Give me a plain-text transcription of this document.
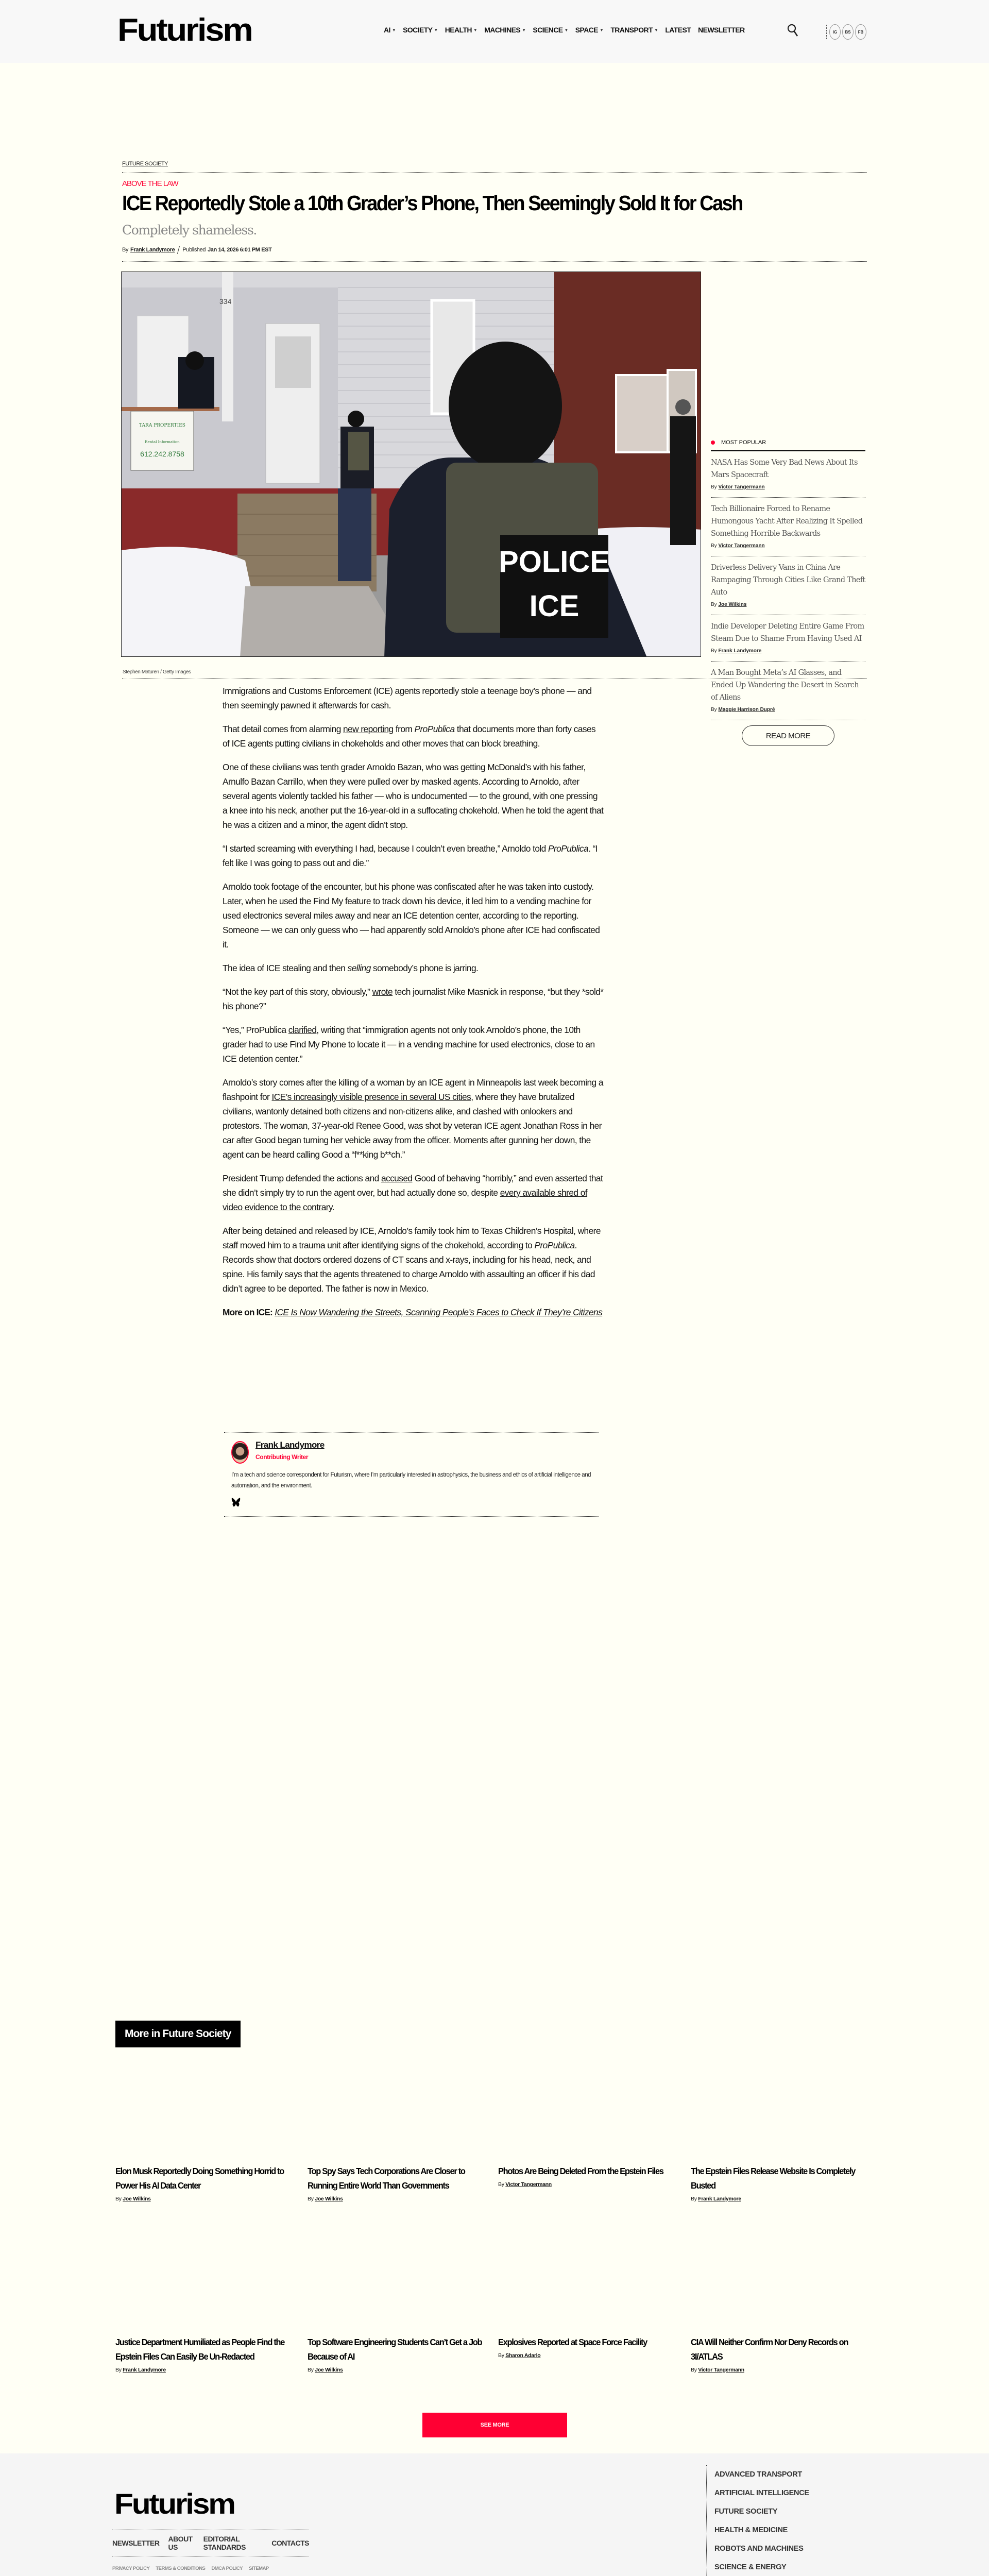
Futurism	AI ▼ SOCIETY ▼ HEALTH ▼ MACHINES ▼ SCIENCE ▼ SPACE ▼ TRANSPORT ▼ LATEST NEWSLETTER	IG	BS	FB
FUTURE SOCIETY
ABOVE THE LAW
ICE Reportedly Stole a 10th Grader’s Phone, Then Seemingly Sold It for Cash
Completely shameless.
By Frank Landymore Published Jan 14, 2026 6:01 PM EST
POLICE
ICE
TARA PROPERTIES
Rental Information
612.242.8758
334
Stephen Maturen / Getty Images

Immigrations and Customs Enforcement (ICE) agents reportedly stole a teenage boy’s phone — and then seemingly pawned it afterwards for cash.

That detail comes from alarming new reporting from ProPublica that documents more than forty cases of ICE agents putting civilians in chokeholds and other moves that can block breathing.

One of these civilians was tenth grader Arnoldo Bazan, who was getting McDonald’s with his father, Arnulfo Bazan Carrillo, when they were pulled over by masked agents. According to Arnoldo, after several agents violently tackled his father — who is undocumented — to the ground, with one pressing a knee into his neck, another put the 16-year-old in a suffocating chokehold. When he told the agent that he was a citizen and a minor, the agent didn’t stop.

“I started screaming with everything I had, because I couldn’t even breathe,” Arnoldo told ProPublica. “I felt like I was going to pass out and die.”

Arnoldo took footage of the encounter, but his phone was confiscated after he was taken into custody. Later, when he used the Find My feature to track down his device, it led him to a vending machine for used electronics several miles away and near an ICE detention center, according to the reporting. Someone — we can only guess who — had apparently sold Arnoldo’s phone after ICE had confiscated it.

The idea of ICE stealing and then selling somebody’s phone is jarring.

“Not the key part of this story, obviously,” wrote tech journalist Mike Masnick in response, “but they *sold* his phone?”

“Yes,” ProPublica clarified, writing that “immigration agents not only took Arnoldo’s phone, the 10th grader had to use Find My Phone to locate it — in a vending machine for used electronics, close to an ICE detention center.”

Arnoldo’s story comes after the killing of a woman by an ICE agent in Minneapolis last week becoming a flashpoint for ICE’s increasingly visible presence in several US cities, where they have brutalized civilians, wantonly detained both citizens and non-citizens alike, and clashed with onlookers and protestors. The woman, 37-year-old Renee Good, was shot by veteran ICE agent Jonathan Ross in her car after Good began turning her vehicle away from the officer. Moments after gunning her down, the agent can be heard calling Good a “f**king b**ch.”

President Trump defended the actions and accused Good of behaving “horribly,” and even asserted that she didn’t simply try to run the agent over, but had actually done so, despite every available shred of video evidence to the contrary.

After being detained and released by ICE, Arnoldo’s family took him to Texas Children’s Hospital, where staff moved him to a trauma unit after identifying signs of the chokehold, according to ProPublica. Records show that doctors ordered dozens of CT scans and x-rays, including for his head, neck, and spine. His family says that the agents threatened to charge Arnoldo with assaulting an officer if his dad didn’t agree to be deported. The father is now in Mexico.

More on ICE: ICE Is Now Wandering the Streets, Scanning People’s Faces to Check If They’re Citizens

Frank Landymore
Contributing Writer
I’m a tech and science correspondent for Futurism, where I’m particularly interested in astrophysics, the business and ethics of artificial intelligence and automation, and the environment.
MOST POPULAR
NASA Has Some Very Bad News About Its Mars Spacecraft
By Victor Tangermann
Tech Billionaire Forced to Rename Humongous Yacht After Realizing It Spelled Something Horrible Backwards
By Victor Tangermann
Driverless Delivery Vans in China Are Rampaging Through Cities Like Grand Theft Auto
By Joe Wilkins
Indie Developer Deleting Entire Game From Steam Due to Shame From Having Used AI
By Frank Landymore
A Man Bought Meta’s AI Glasses, and Ended Up Wandering the Desert in Search of Aliens
By Maggie Harrison Dupré
READ MORE
More in Future Society
Elon Musk Reportedly Doing Something Horrid to Power His AI Data Center
By Joe Wilkins
Top Spy Says Tech Corporations Are Closer to Running Entire World Than Governments
By Joe Wilkins
Photos Are Being Deleted From the Epstein Files
By Victor Tangermann
The Epstein Files Release Website Is Completely Busted
By Frank Landymore
Justice Department Humiliated as People Find the Epstein Files Can Easily Be Un-Redacted
By Frank Landymore
Top Software Engineering Students Can’t Get a Job Because of AI
By Joe Wilkins
Explosives Reported at Space Force Facility
By Sharon Adarlo
CIA Will Neither Confirm Nor Deny Records on 3I/ATLAS
By Victor Tangermann
SEE MORE
Futurism
NEWSLETTER ABOUT US
EDITORIAL STANDARDS	CONTACTS
PRIVACY POLICY TERMS & CONDITIONS DMCA POLICY SITEMAP

ADVANCED TRANSPORT
ARTIFICIAL INTELLIGENCE
FUTURE SOCIETY
HEALTH & MEDICINE
ROBOTS AND MACHINES
SCIENCE & ENERGY
